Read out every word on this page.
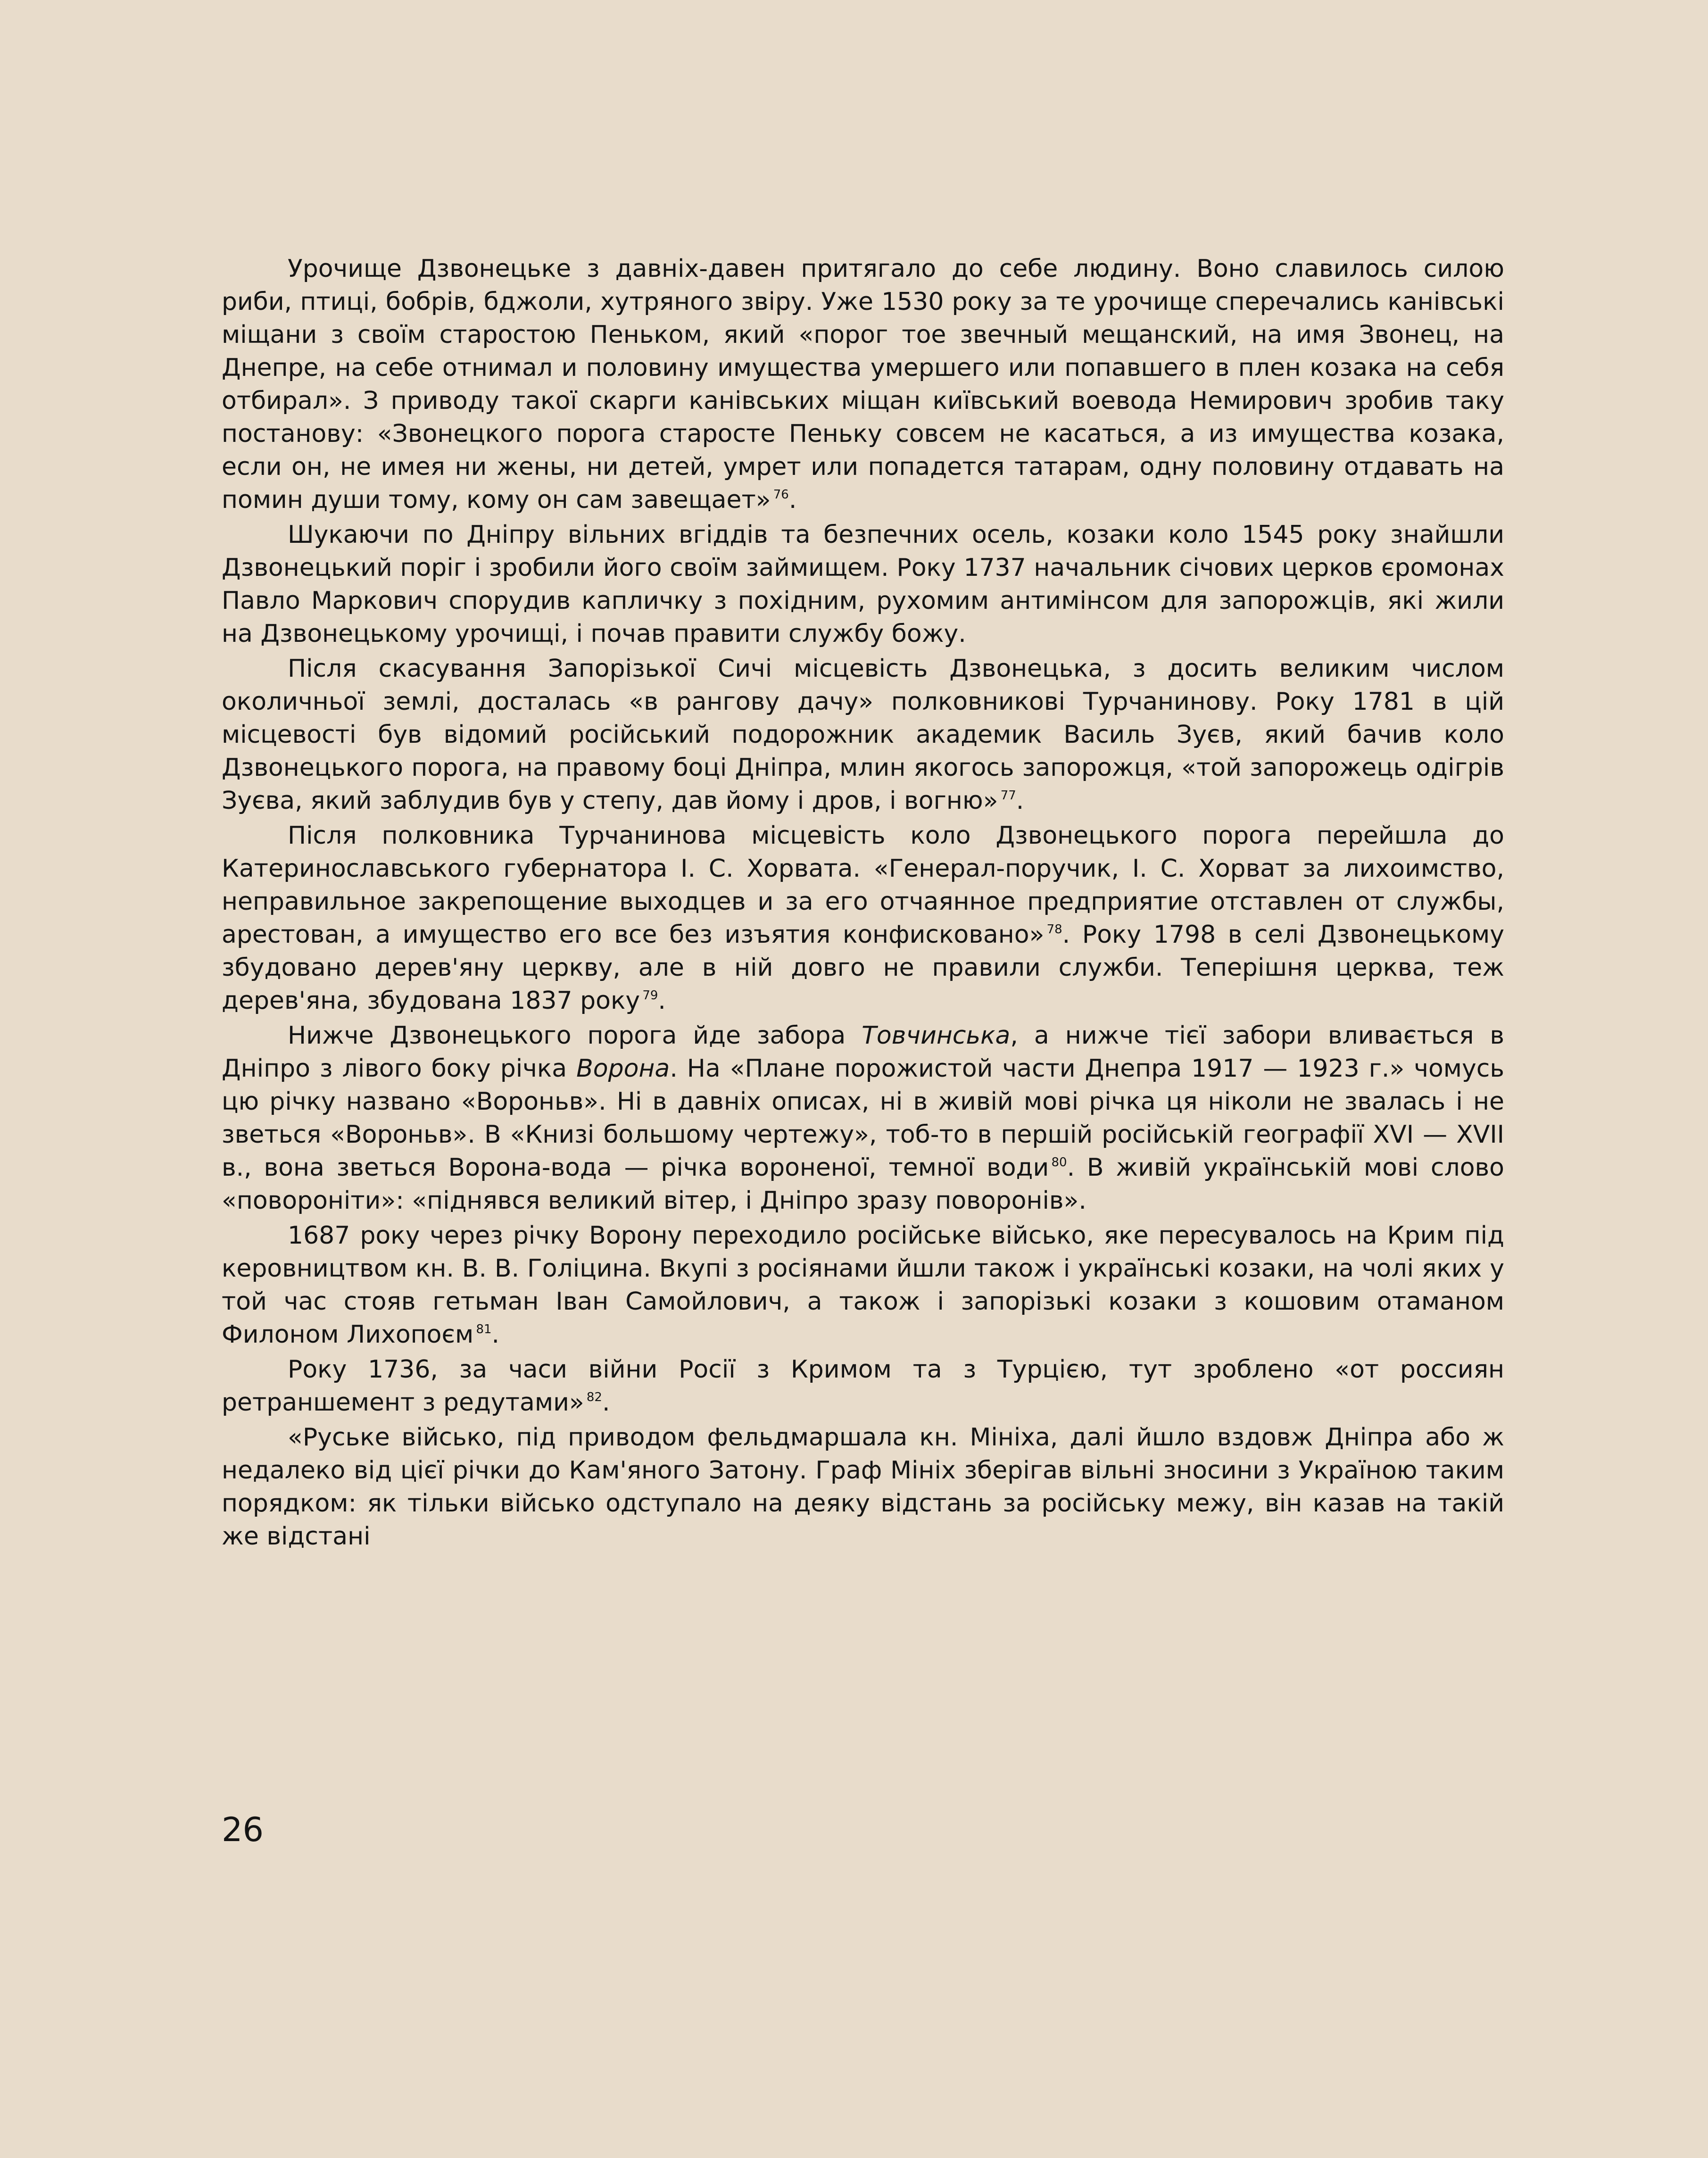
Урочище Дзвонецьке з давніх-давен притягало до себе людину. Воно славилось силою риби, птиці, бобрів, бджоли, хутряного звіру. Уже 1530 року за те урочище сперечались канівські міщани з своїм старостою Пеньком, який «порог тое звечный мещанский, на имя Звонец, на Днепре, на себе отнимал и половину имущества умершего или попавшего в плен козака на себя отбирал». З приводу такої скарги канівських міщан київський воевода Немирович зробив таку постанову: «Звонецкого порога старосте Пеньку совсем не касаться, а из имущества козака, если он, не имея ни жены, ни детей, умрет или попадется татарам, одну половину отдавать на помин души тому, кому он сам завещает»  $^{76}$.

Шукаючи по Дніпру вільних вгіддів та безпечних осель, козаки коло 1545 року знайшли Дзвонецький поріг і зробили його своїм займищем. Року 1737 начальник січових церков єромонах Павло Маркович спорудив капличку з похідним, рухомим антимінсом для запорожців, які жили на Дзвонецькому урочищі, і почав правити службу божу.

Після скасування Запорізької Сичі місцевість Дзвонецька, з досить великим числом околичньої землі, досталась «в рангову дачу» полковникові Турчанинову. Року 1781 в цій місцевості був відомий російський подорожник академик Василь Зуєв, який бачив коло Дзвонецького порога, на правому боці Дніпра, млин якогось запорожця, «той запорожець одігрів Зуєва, який заблудив був у степу, дав йому і дров, і вогню»  $^{77}$.

Після полковника Турчанинова місцевість коло Дзвонецького порога перейшла до Катеринославського губернатора І. С. Хорвата. «Генерал-поручик, І. С. Хорват за лихоимство, неправильное закрепощение выходцев и за его отчаянное предприятие отставлен от службы, арестован, а имущество его все без изъятия конфисковано»  $^{78}$. Року 1798 в селі Дзвонецькому збудовано дерев'яну церкву, але в ній довго не правили служби. Теперішня церква, теж дерев'яна, збудована 1837 року  $^{79}$.

Нижче Дзвонецького порога йде забора Товчинська, а нижче тієї забори вливається в Дніпро з лівого боку річка Ворона. На «Плане порожистой части Днепра 1917 — 1923 г.» чомусь цю річку названо «Вороньв». Ні в давніх описах, ні в живій мові річка ця ніколи не звалась і не зветься «Вороньв». В «Книзі большому чертежу», тоб-то в першій російській географії XVI — XVII в., вона зветься Ворона-вода — річка вороненої, темної води  $^{80}$. В живій українській мові слово «повороніти»: «піднявся великий вітер, і Дніпро зразу поворонів».

1687 року через річку Ворону переходило російське військо, яке пересувалось на Крим під керовництвом кн. В. В. Голіцина. Вкупі з росіянами йшли також і українські козаки, на чолі яких у той час стояв гетьман Іван Самойлович, а також і запорізькі козаки з кошовим отаманом Филоном Лихопоєм  $^{81}$.

Року 1736, за часи війни Росії з Кримом та з Турцією, тут зроблено «от россиян ретраншемент з редутами»  $^{82}$.

«Руське військо, під приводом фельдмаршала кн. Мініха, далі йшло вздовж Дніпра або ж недалеко від цієї річки до Кам'яного Затону. Граф Мініх зберігав вільні зносини з Україною таким порядком: як тільки військо одступало на деяку відстань за російську межу, він казав на такій же відстані

26
